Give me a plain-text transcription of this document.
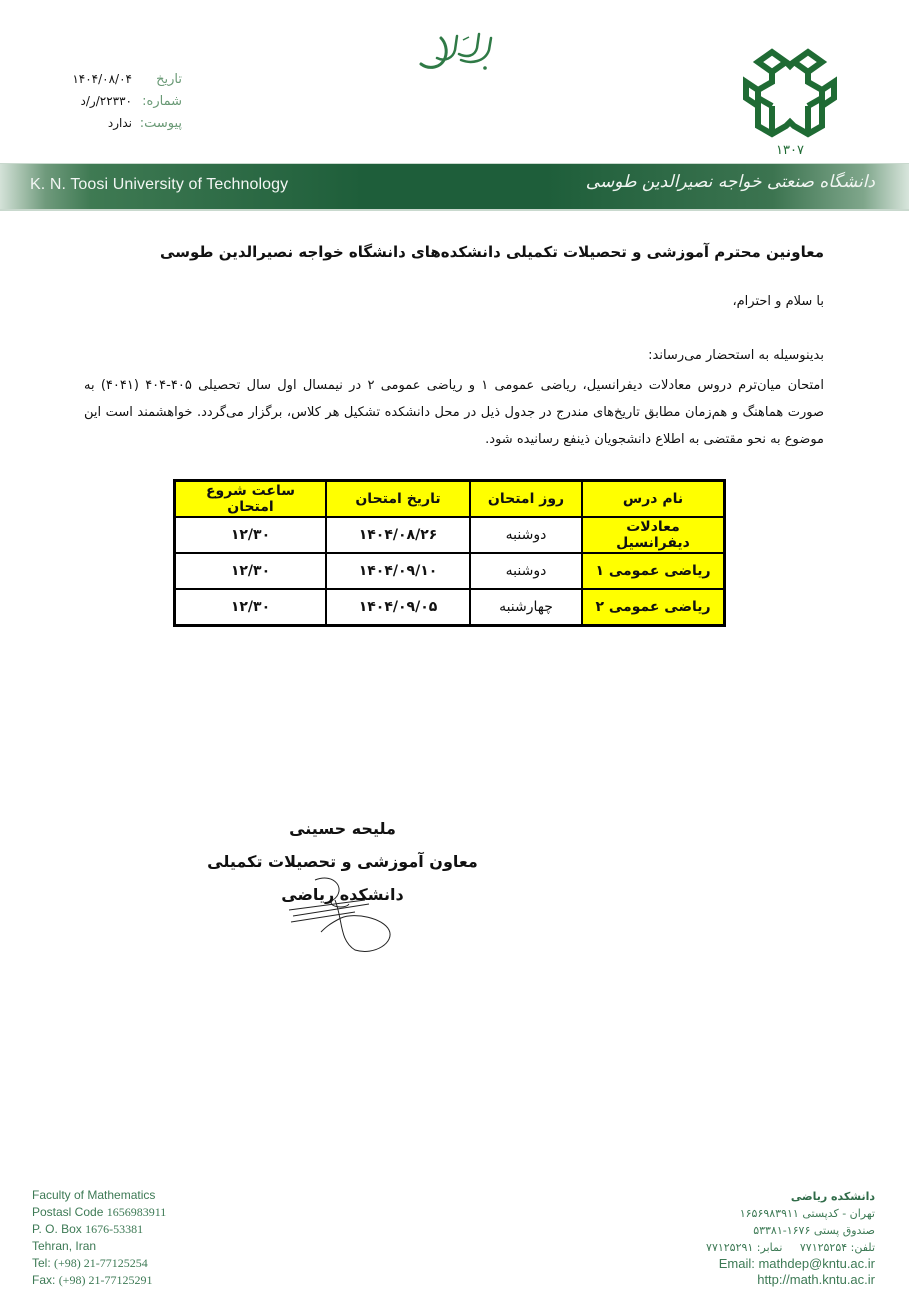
تاریخ
۱۴۰۴/۰۸/۰۴
شماره:
۲۲۳۳۰/ر/د
پیوست:
ندارد
۱۳۰۷
K. N. Toosi University of Technology	دانشگاه صنعتی خواجه نصیرالدین طوسی
معاونین محترم آموزشی و تحصیلات تکمیلی دانشکده‌های دانشگاه خواجه نصیرالدین طوسی
با سلام و احترام،
بدینوسیله به استحضار می‌رساند:
امتحان میان‌ترم دروس معادلات دیفرانسیل، ریاضی عمومی ۱ و ریاضی عمومی ۲ در نیمسال اول سال تحصیلی ۴۰۵-۴۰۴ (۴۰۴۱) به صورت هماهنگ و هم‌زمان مطابق تاریخ‌های مندرج در جدول ذیل در محل دانشکده تشکیل هر کلاس، برگزار می‌گردد. خواهشمند است این موضوع به نحو مقتضی به اطلاع دانشجویان ذینفع رسانیده شود.
نام درس	روز امتحان	تاریخ امتحان	ساعت شروع امتحان
معادلات دیفرانسیل	دوشنبه	۱۴۰۴/۰۸/۲۶	۱۲/۳۰
ریاضی عمومی ۱	دوشنبه	۱۴۰۴/۰۹/۱۰	۱۲/۳۰
ریاضی عمومی ۲	چهارشنبه	۱۴۰۴/۰۹/۰۵	۱۲/۳۰
ملیحه حسینی
معاون آموزشی و تحصیلات تکمیلی
دانشکده ریاضی
Faculty of Mathematics
Postasl Code 1656983911
P. O. Box 1676-53381
Tehran, Iran
Tel: (+98) 21-77125254
Fax: (+98) 21-77125291
دانشکده ریاضی
تهران - کدپستی ۱۶۵۶۹۸۳۹۱۱
صندوق پستی ۱۶۷۶-۵۳۳۸۱
تلفن: ۷۷۱۲۵۲۵۴     نمابر: ۷۷۱۲۵۲۹۱
Email: mathdep@kntu.ac.ir
http://math.kntu.ac.ir
